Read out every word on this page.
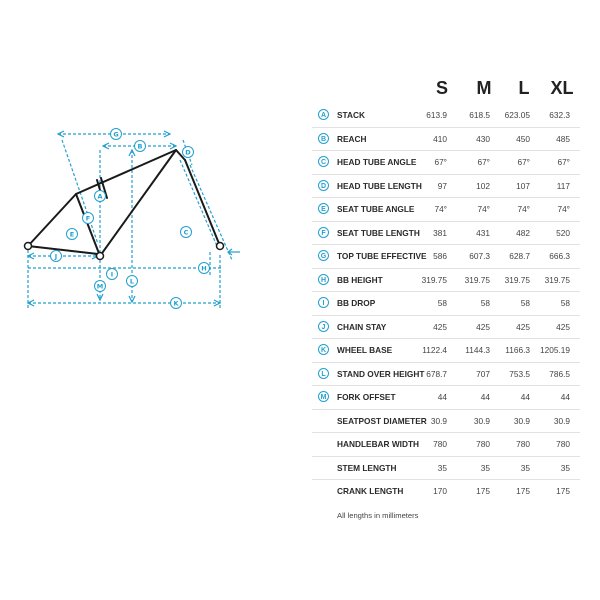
A
B
C
D
E
F
G
H
I
J
K
L
M
S	M	L	XL
A	STACK	613.9	618.5	623.05	632.3
B	REACH	410	430	450	485
C	HEAD TUBE ANGLE	67°	67°	67°	67°
D	HEAD TUBE LENGTH	97	102	107	117
E	SEAT TUBE ANGLE	74°	74°	74°	74°
F	SEAT TUBE LENGTH	381	431	482	520
G	TOP TUBE EFFECTIVE 586	607.3	628.7	666.3
H	BB HEIGHT	319.75	319.75	319.75	319.75
I	BB DROP	58	58	58	58
J	CHAIN STAY	425	425	425	425
K	WHEEL BASE	1122.4	1144.3	1166.3	1205.19
L	STAND OVER HEIGHT 678.7	707	753.5	786.5
M	FORK OFFSET	44	44	44	44
SEATPOST DIAMETER 30.9	30.9	30.9	30.9
HANDLEBAR WIDTH	780	780	780	780
STEM LENGTH	35	35	35	35
CRANK LENGTH	170	175	175	175
All lengths in millimeters
